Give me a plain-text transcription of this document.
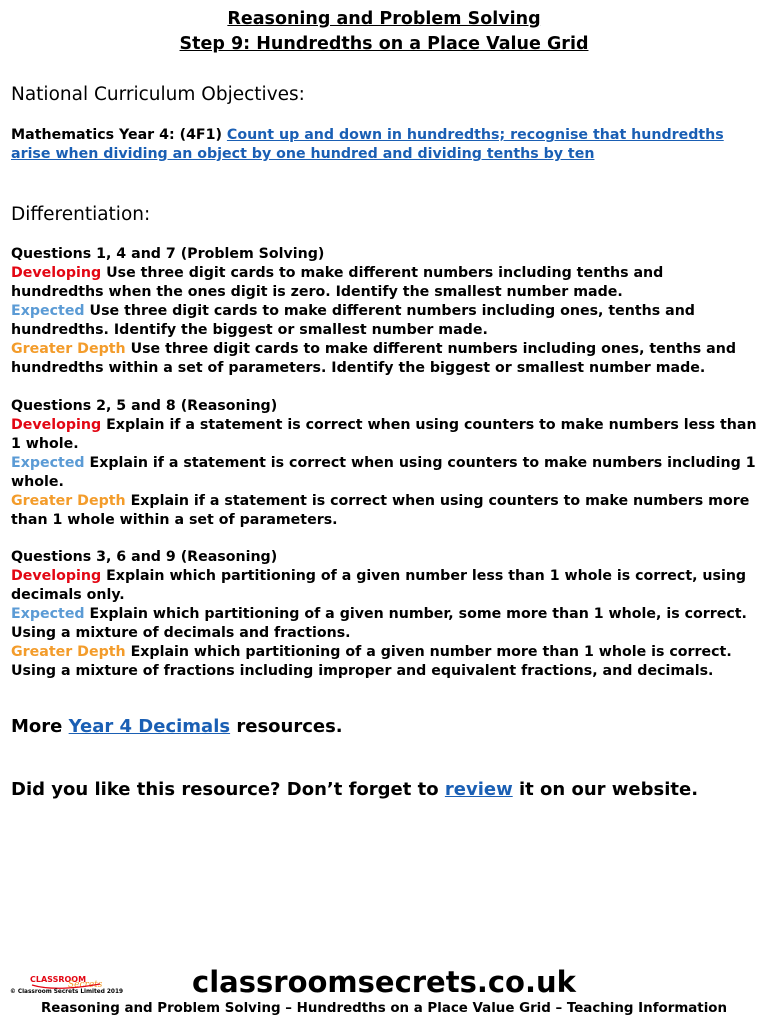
Reasoning and Problem Solving
Step 9: Hundredths on a Place Value Grid
National Curriculum Objectives:
Mathematics Year 4: (4F1) Count up and down in hundredths; recognise that hundredths arise when dividing an object by one hundred and dividing tenths by ten
Differentiation:
Questions 1, 4 and 7 (Problem Solving)
Developing Use three digit cards to make different numbers including tenths and hundredths when the ones digit is zero. Identify the smallest number made.
Expected Use three digit cards to make different numbers including ones, tenths and hundredths. Identify the biggest or smallest number made.
Greater Depth Use three digit cards to make different numbers including ones, tenths and hundredths within a set of parameters. Identify the biggest or smallest number made.
Questions 2, 5 and 8 (Reasoning)
Developing Explain if a statement is correct when using counters to make numbers less than 1 whole.
Expected Explain if a statement is correct when using counters to make numbers including 1 whole.
Greater Depth Explain if a statement is correct when using counters to make numbers more than 1 whole within a set of parameters.
Questions 3, 6 and 9 (Reasoning)
Developing Explain which partitioning of a given number less than 1 whole is correct, using decimals only.
Expected Explain which partitioning of a given number, some more than 1 whole, is correct. Using a mixture of decimals and fractions.
Greater Depth Explain which partitioning of a given number more than 1 whole is correct. Using a mixture of fractions including improper and equivalent fractions, and decimals.
More Year 4 Decimals resources.
Did you like this resource? Don’t forget to review it on our website.
CLASSROOM
Secrets
© Classroom Secrets Limited 2019	classroomsecrets.co.uk
Reasoning and Problem Solving – Hundredths on a Place Value Grid – Teaching Information
